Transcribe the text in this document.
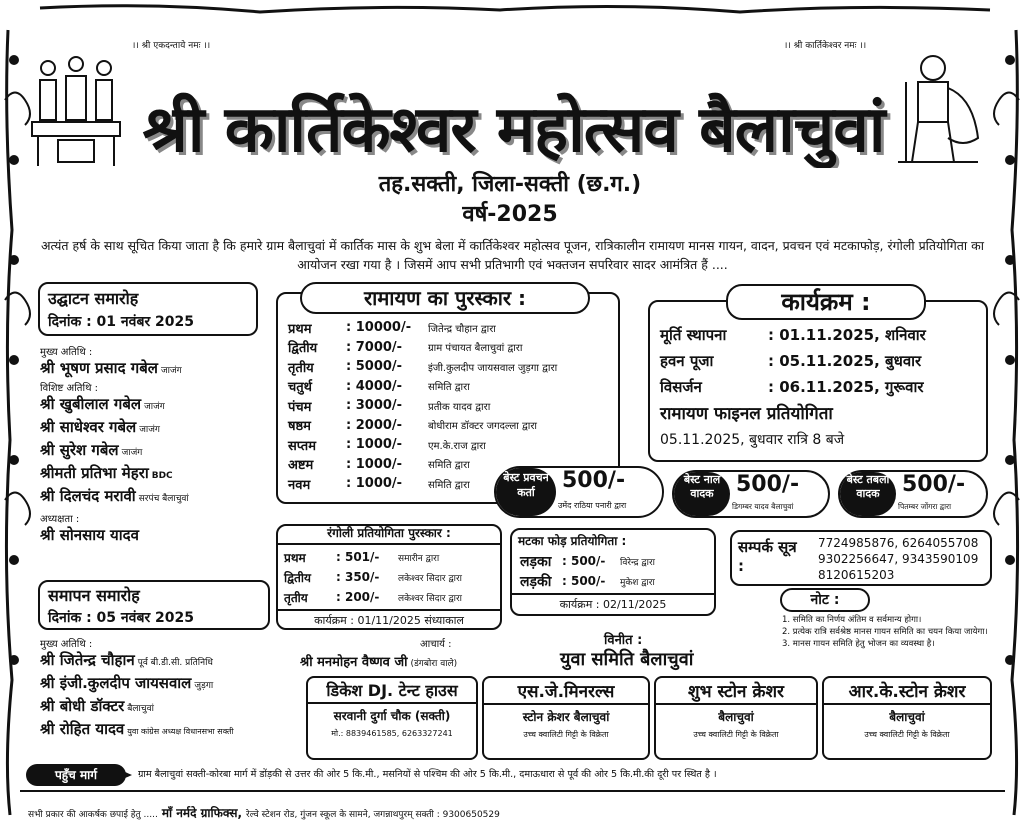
।। श्री एकदन्ताये नमः ।।	।। श्री कार्तिकेश्वर नमः ।।
श्री कार्तिकेश्वर महोत्सव बैलाचुवां
तह.सक्ती, जिला-सक्ती (छ.ग.)
वर्ष-2025
अत्यंत हर्ष के साथ सूचित किया जाता है कि हमारे ग्राम बैलाचुवां में कार्तिक मास के शुभ बेला में कार्तिकेश्वर महोत्सव पूजन, रात्रिकालीन रामायण मानस गायन, वादन, प्रवचन एवं मटकाफोड़, रंगोली प्रतियोगिता का आयोजन रखा गया है । जिसमें आप सभी प्रतिभागी एवं भक्तजन सपरिवार सादर आमंत्रित हैं ....
उद्घाटन समारोह
दिनांक : 01 नवंबर 2025
मुख्य अतिथि :
श्री भूषण प्रसाद गबेल जाजंग
विशिष्ट अतिथि :
श्री खुबीलाल गबेल जाजंग
श्री साधेश्वर गबेल जाजंग
श्री सुरेश गबेल जाजंग
श्रीमती प्रतिभा मेहरा BDC
श्री दिलचंद मरावी सरपंच बैलाचुवां
अध्यक्षता :
श्री सोनसाय यादव
समापन समारोह
दिनांक : 05 नवंबर 2025
मुख्य अतिथि :
श्री जितेन्द्र चौहान पूर्व बी.डी.सी. प्रतिनिधि
श्री इंजी.कुलदीप जायसवाल जुड़गा
श्री बोधी डॉक्टर बैलाचुवां
श्री रोहित यादव युवा कांग्रेस अध्यक्ष विधानसभा सक्ती
रामायण का पुरस्कार :
प्रथम	: 10000/-	जितेन्द्र चौहान द्वारा
द्वितीय	: 7000/-	ग्राम पंचायत बैलाचुवां द्वारा
तृतीय	: 5000/-	इंजी.कुलदीप जायसवाल जुड़गा द्वारा
चतुर्थ	: 4000/-	समिति द्वारा
पंचम	: 3000/-	प्रतीक यादव द्वारा
षष्ठम	: 2000/-	बोधीराम डॉक्टर जगदल्ला द्वारा
सप्तम	: 1000/-	एम.के.राज द्वारा
अष्टम	: 1000/-	समिति द्वारा
नवम	: 1000/-	समिति द्वारा
कार्यक्रम :
मूर्ति स्थापना	: 01.11.2025, शनिवार
हवन पूजा	: 05.11.2025, बुधवार
विसर्जन	: 06.11.2025, गुरूवार
रामायण फाइनल प्रतियोगिता
05.11.2025, बुधवार रात्रि 8 बजे
बेस्ट प्रवचन कर्ता	500/-
उमेंद राठिया पनारी द्वारा
बेस्ट नाल वादक	500/-
डिगम्बर यादव बैलाचुवां
बेस्ट तबला वादक	500/-
पितम्बर जोंगरा द्वारा
रंगोली प्रतियोगिता पुरस्कार :
प्रथम	: 501/-	समारीन द्वारा
द्वितीय	: 350/-	लकेश्वर सिदार द्वारा
तृतीय	: 200/-	लकेश्वर सिदार द्वारा
कार्यक्रम : 01/11/2025 संध्याकाल
मटका फोड़ प्रतियोगिता :
लड़का : 500/-	विरेन्द्र द्वारा
लड़की : 500/-	मुकेश द्वारा
कार्यक्रम : 02/11/2025
सम्पर्क सूत्र :
7724985876, 6264055708
9302256647, 9343590109
8120615203
नोट :
1. समिति का निर्णय अंतिम व सर्वमान्य होगा।
2. प्रत्येक रात्रि सर्वश्रेष्ठ मानस गायन समिति का चयन किया जायेगा।
3. मानस गायन समिति हेतु भोजन का व्यवस्था है।
आचार्य :
श्री मनमोहन वैष्णव जी (डंगबोरा वाले)
विनीत :
युवा समिति बैलाचुवां
डिकेश DJ. टेन्ट हाउस
सरवानी दुर्गा चौक (सक्ती)
मो.: 8839461585, 6263327241
एस.जे.मिनरल्स
स्टोन क्रेशर बैलाचुवां
उच्च क्वालिटी गिट्टी के विक्रेता
शुभ स्टोन क्रेशर
बैलाचुवां
उच्च क्वालिटी गिट्टी के विक्रेता
आर.के.स्टोन क्रेशर
बैलाचुवां
उच्च क्वालिटी गिट्टी के विक्रेता
पहुँच मार्ग	ग्राम बैलाचुवां सक्ती-कोरबा मार्ग में डोंड़की से उत्तर की ओर 5 कि.मी., मसनियों से पश्चिम की ओर 5 कि.मी., दमाऊधारा से पूर्व की ओर 5 कि.मी.की दूरी पर स्थित है ।
सभी प्रकार की आकर्षक छपाई हेतु ..... माँ नर्मदे ग्राफिक्स, रेल्वे स्टेशन रोड, गुंजन स्कूल के सामने, जगन्नाथपुरम् सक्ती : 9300650529
